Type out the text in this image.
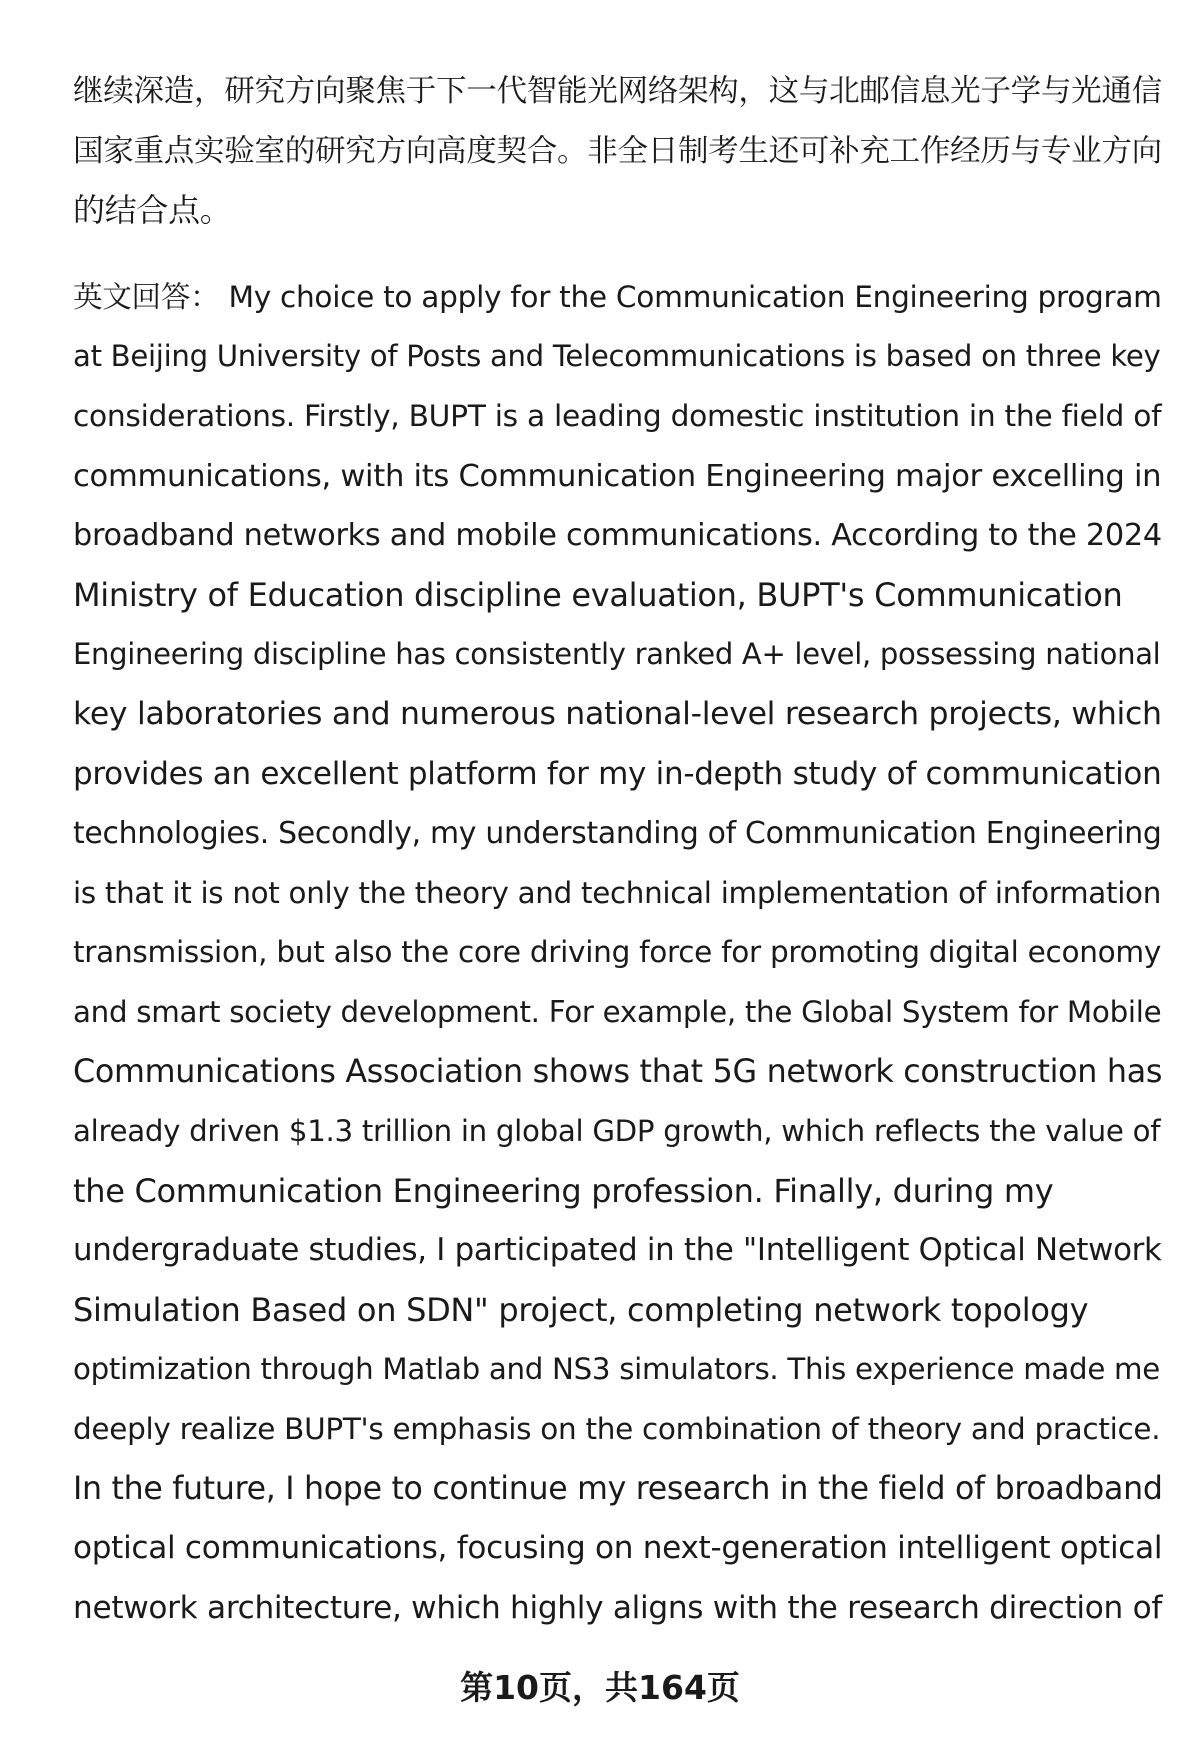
继续深造，研究方向聚焦于下一代智能光网络架构，这与北邮信息光子学与光通信
国家重点实验室的研究方向高度契合。非全日制考生还可补充工作经历与专业方向
的结合点。

英文回答： My choice to apply for the Communication Engineering program
at Beijing University of Posts and Telecommunications is based on three key
considerations. Firstly, BUPT is a leading domestic institution in the field of
communications, with its Communication Engineering major excelling in
broadband networks and mobile communications. According to the 2024
Ministry of Education discipline evaluation, BUPT's Communication
Engineering discipline has consistently ranked A+ level, possessing national
key laboratories and numerous national-level research projects, which
provides an excellent platform for my in-depth study of communication
technologies. Secondly, my understanding of Communication Engineering
is that it is not only the theory and technical implementation of information
transmission, but also the core driving force for promoting digital economy
and smart society development. For example, the Global System for Mobile
Communications Association shows that 5G network construction has
already driven $1.3 trillion in global GDP growth, which reflects the value of
the Communication Engineering profession. Finally, during my
undergraduate studies, I participated in the "Intelligent Optical Network
Simulation Based on SDN" project, completing network topology
optimization through Matlab and NS3 simulators. This experience made me
deeply realize BUPT's emphasis on the combination of theory and practice.
In the future, I hope to continue my research in the field of broadband
optical communications, focusing on next-generation intelligent optical
network architecture, which highly aligns with the research direction of

第10页，共164页
